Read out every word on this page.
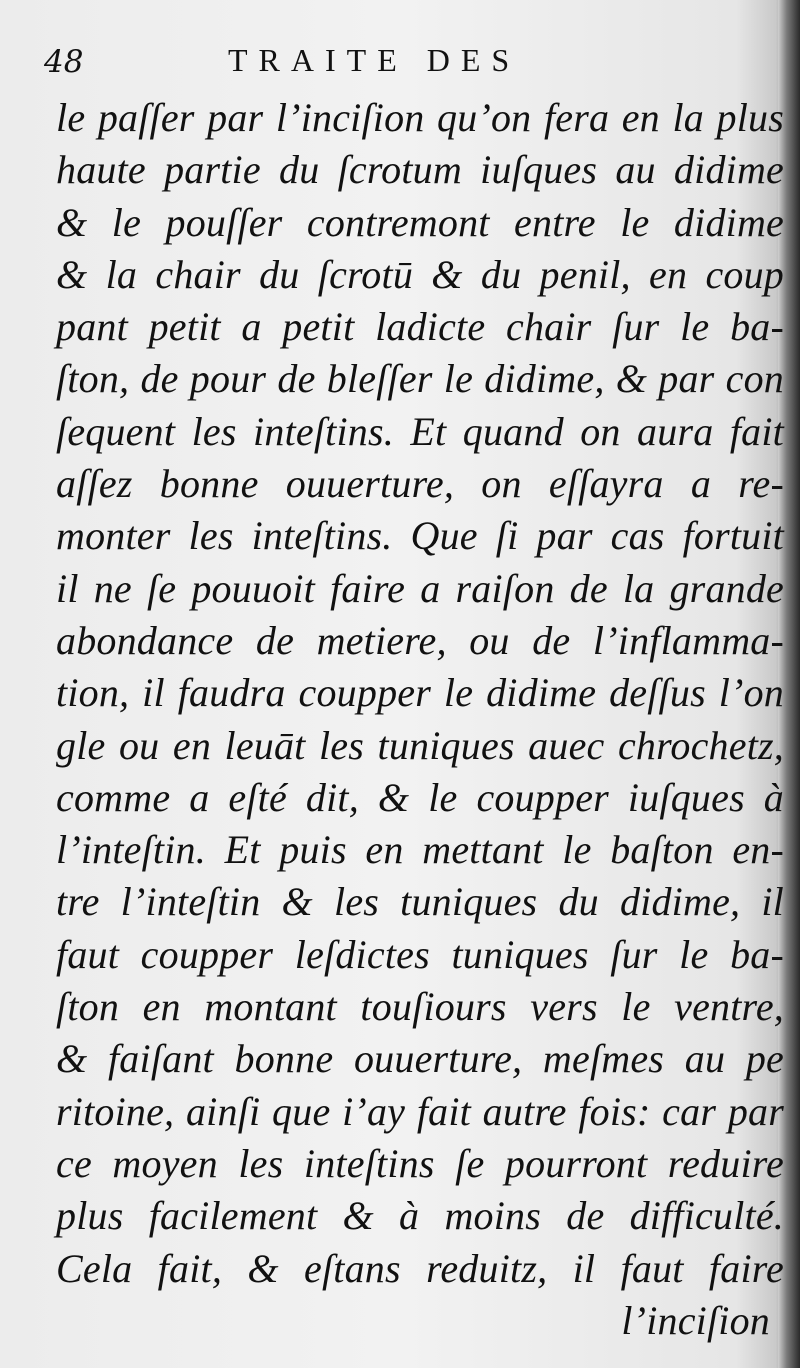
48	TRAITE DES
le paſſer par l’inciſion qu’on fera en la plus
haute partie du ſcrotum iuſques au didime
& le pouſſer contremont entre le didime
& la chair du ſcrotū & du penil, en coup
pant petit a petit ladicte chair ſur le ba-
ſton, de pour de bleſſer le didime, & par con
ſequent les inteſtins. Et quand on aura fait
aſſez bonne ouuerture, on eſſayra a re-
monter les inteſtins. Que ſi par cas fortuit
il ne ſe pouuoit faire a raiſon de la grande
abondance de metiere, ou de l’inflamma-
tion, il faudra coupper le didime deſſus l’on
gle ou en leuāt les tuniques auec chrochetz,
comme a eſté dit, & le coupper iuſques à
l’inteſtin. Et puis en mettant le baſton en-
tre l’inteſtin & les tuniques du didime, il
faut coupper leſdictes tuniques ſur le ba-
ſton en montant touſiours vers le ventre,
& faiſant bonne ouuerture, meſmes au pe
ritoine, ainſi que i’ay fait autre fois: car par
ce moyen les inteſtins ſe pourront reduire
plus facilement & à moins de difficulté.
Cela fait, & eſtans reduitz, il faut faire
l’inciſion
